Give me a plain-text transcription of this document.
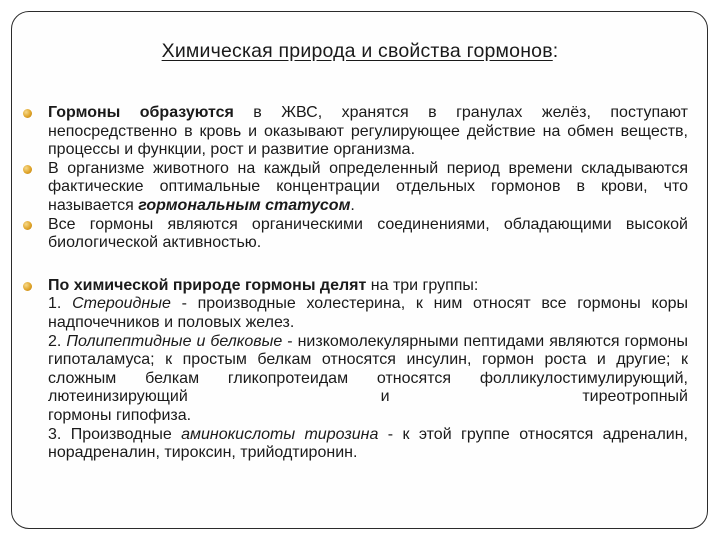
Химическая природа и свойства гормонов:
Гормоны образуются в ЖВС, хранятся в гранулах желёз, поступают непосредственно в кровь и оказывают регулирующее действие на обмен веществ, процессы и функции, рост и развитие организма.
В организме животного на каждый определенный период времени складываются фактические оптимальные концентрации отдельных гормонов в крови, что называется гормональным статусом.
Все гормоны являются органическими соединениями, обладающими высокой биологической активностью.
По химической природе гормоны делят на три группы:
1. Стероидные - производные холестерина, к ним относят все гормоны коры надпочечников и половых желез.
2. Полипептидные и белковые - низкомолекулярными пептидами являются гормоны гипоталамуса; к простым белкам относятся инсулин, гормон роста и другие; к сложным белкам гликопротеидам относятся фолликулостимулирующий, лютеинизирующий и тиреотропный
гормоны гипофиза.
3. Производные аминокислоты тирозина - к этой группе относятся адреналин, норадреналин, тироксин, трийодтиронин.
